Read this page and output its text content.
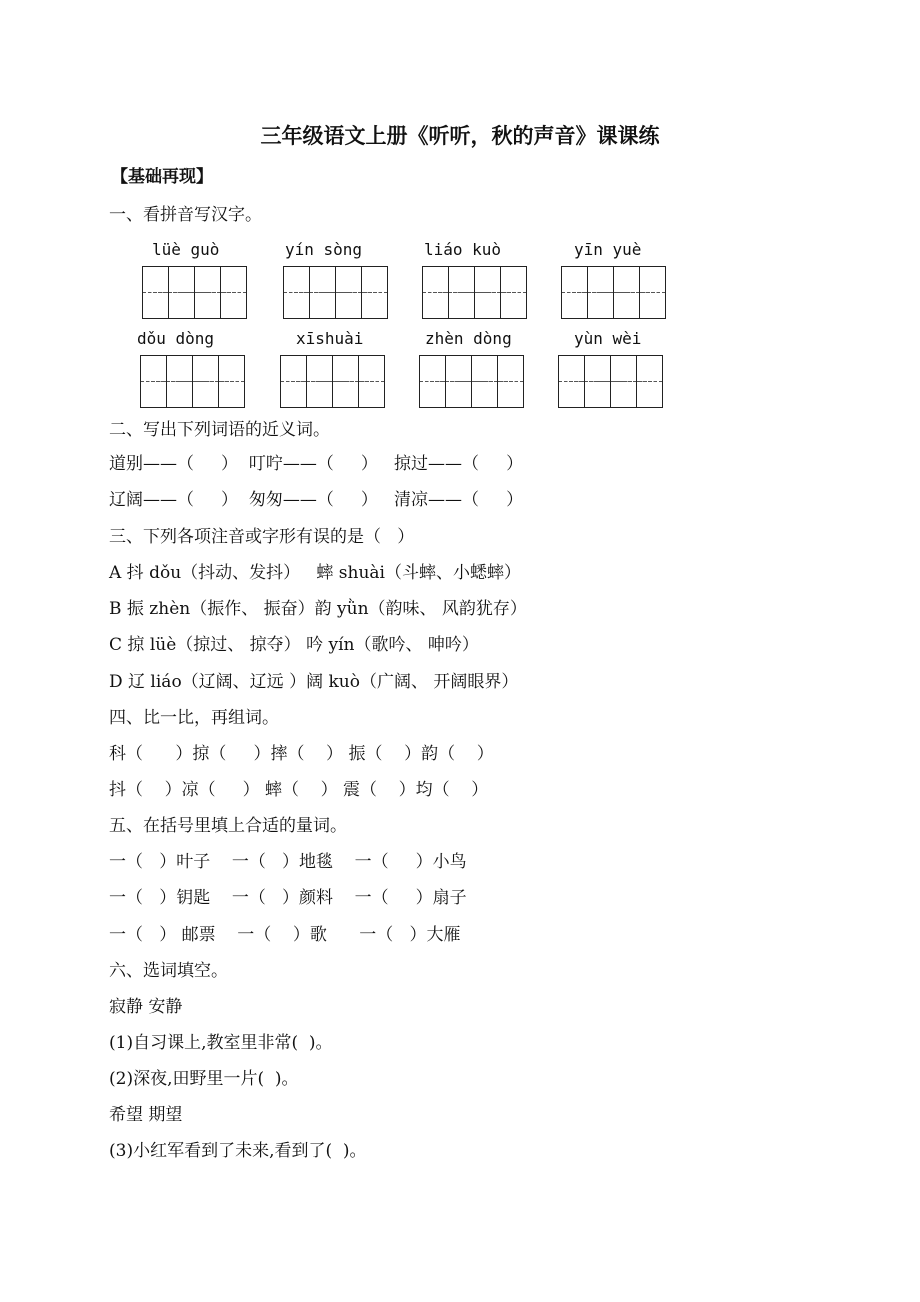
三年级语文上册《听听，秋的声音》课课练
【基础再现】
一、看拼音写汉字。
lüè guò	yín sòng	liáo kuò	yīn yuè
dǒu dòng	xīshuài	zhèn dòng	yùn wèi
二、写出下列词语的近义词。
道别——（     ）  叮咛——（     ）   掠过——（     ）
辽阔——（     ）  匆匆——（     ）   清凉——（     ）
三、下列各项注音或字形有误的是（   ）
A 抖 dǒu（抖动、发抖）   蟀 shuài（斗蟀、小蟋蟀）
B 振 zhèn（振作、 振奋）韵 yǜn（韵味、 风韵犹存）
C 掠 lüè（掠过、 掠夺） 吟 yín（歌吟、 呻吟）
D 辽 liáo（辽阔、辽远 ）阔 kuò（广阔、 开阔眼界）
四、比一比，再组词。
科（      ）掠（     ）摔（    ） 振（    ）韵（    ）
抖（    ）凉（     ） 蟀（    ） 震（    ）均（    ）
五、在括号里填上合适的量词。
一（   ）叶子    一（   ）地毯    一（     ）小鸟
一（   ）钥匙    一（   ）颜料    一（     ）扇子
一（   ） 邮票    一（    ）歌      一（   ）大雁
六、选词填空。
寂静 安静
(1)自习课上,教室里非常(  )。
(2)深夜,田野里一片(  )。
希望 期望
(3)小红军看到了未来,看到了(  )。
